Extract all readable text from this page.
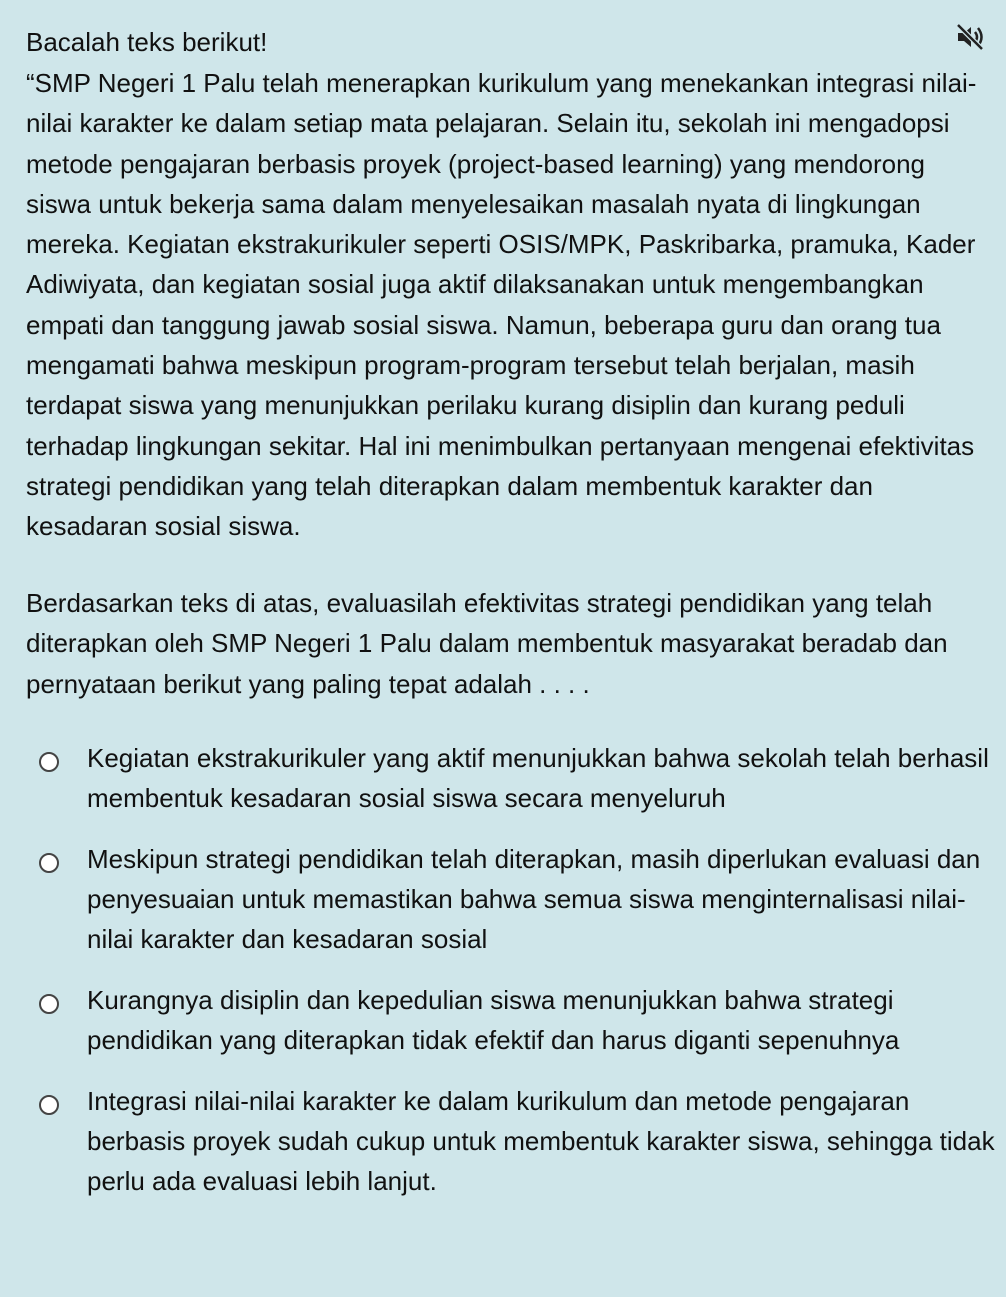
Bacalah teks berikut!

“SMP Negeri 1 Palu telah menerapkan kurikulum yang menekankan integrasi nilai-nilai karakter ke dalam setiap mata pelajaran. Selain itu, sekolah ini mengadopsi metode pengajaran berbasis proyek (project-based learning) yang mendorong siswa untuk bekerja sama dalam menyelesaikan masalah nyata di lingkungan mereka. Kegiatan ekstrakurikuler seperti OSIS/MPK, Paskribarka, pramuka, Kader Adiwiyata, dan kegiatan sosial juga aktif dilaksanakan untuk mengembangkan empati dan tanggung jawab sosial siswa. Namun, beberapa guru dan orang tua mengamati bahwa meskipun program-program tersebut telah berjalan, masih terdapat siswa yang menunjukkan perilaku kurang disiplin dan kurang peduli terhadap lingkungan sekitar. Hal ini menimbulkan pertanyaan mengenai efektivitas strategi pendidikan yang telah diterapkan dalam membentuk karakter dan kesadaran sosial siswa.

Berdasarkan teks di atas, evaluasilah efektivitas strategi pendidikan yang telah diterapkan oleh SMP Negeri 1 Palu dalam membentuk masyarakat beradab dan pernyataan berikut yang paling tepat adalah . . . .

Kegiatan ekstrakurikuler yang aktif menunjukkan bahwa sekolah telah berhasil membentuk kesadaran sosial siswa secara menyeluruh
Meskipun strategi pendidikan telah diterapkan, masih diperlukan evaluasi dan penyesuaian untuk memastikan bahwa semua siswa menginternalisasi nilai-nilai karakter dan kesadaran sosial
Kurangnya disiplin dan kepedulian siswa menunjukkan bahwa strategi pendidikan yang diterapkan tidak efektif dan harus diganti sepenuhnya
Integrasi nilai-nilai karakter ke dalam kurikulum dan metode pengajaran berbasis proyek sudah cukup untuk membentuk karakter siswa, sehingga tidak perlu ada evaluasi lebih lanjut.
